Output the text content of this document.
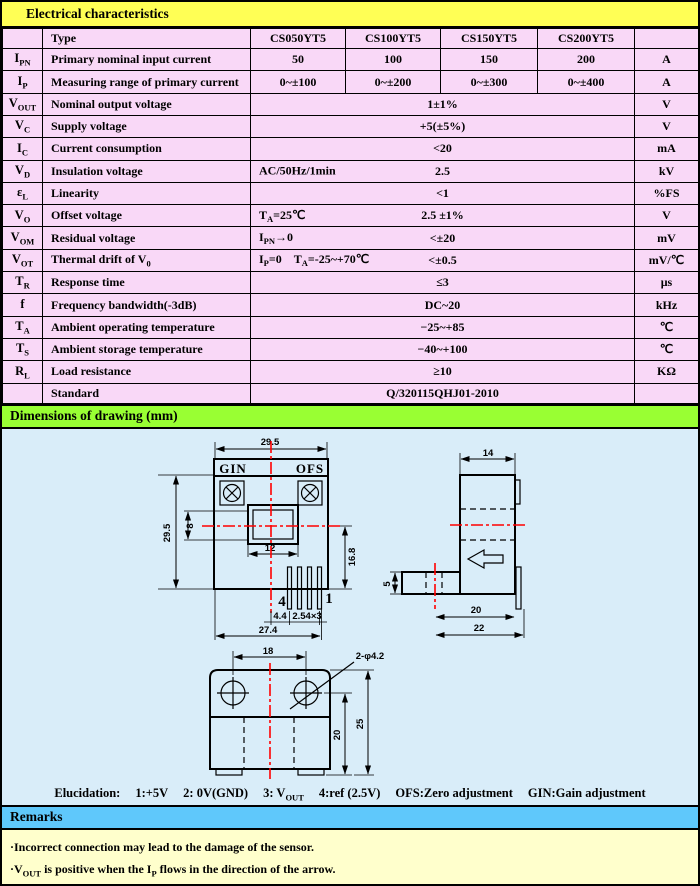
Electrical characteristics
	Type	CS050YT5	CS100YT5	CS150YT5	CS200YT5	
$I_{PN}$	Primary nominal input current	50	100	150	200	A
$I_P$	Measuring range of primary current	0~±100	0~±200	0~±300	0~±400	A
$V_{OUT}$	Nominal output voltage	1±1%				V
$V_C$	Supply voltage	+5(±5%)				V
$I_C$	Current consumption	<20				mA
$V_D$	Insulation voltage	AC/50Hz/1min 2.5				kV
$\varepsilon_L$	Linearity	<1				%FS
$V_O$	Offset voltage	$T_A=25℃$ 2.5 ±1%				V
$V_{OM}$	Residual voltage	$I_{PN}\to 0 <\pm 20$				mV
$V_{OT}$	Thermal drift of $V_0$	$I_P=0$ $T_A=-25\sim+70℃ <\pm 0.5$				mV/℃
$T_R$	Response time	≤3				μs
f	Frequency bandwidth(-3dB)	DC~20				kHz
$T_A$	Ambient operating temperature	−25~+85				℃
$T_S$	Ambient storage temperature	−40~+100				℃
$R_L$	Load resistance	≥10				KΩ
	Standard	Q/320115QHJ01-2010				
Dimensions of drawing (mm)
29.5
GIN	OFS
29.5 8
12	16.8
4	1
4.4 2.54×3
27.4
14
5
20
22
18	2-φ4.2
20
25
Elucidation: 1:+5V 2: 0V(GND) 3: $V_{OUT}$ 4:ref (2.5V) OFS:Zero adjustment GIN:Gain adjustment
Remarks
·Incorrect connection may lead to the damage of the sensor.
$\cdot V_{OUT}$ is positive when the $I_P$ flows in the direction of the arrow.
